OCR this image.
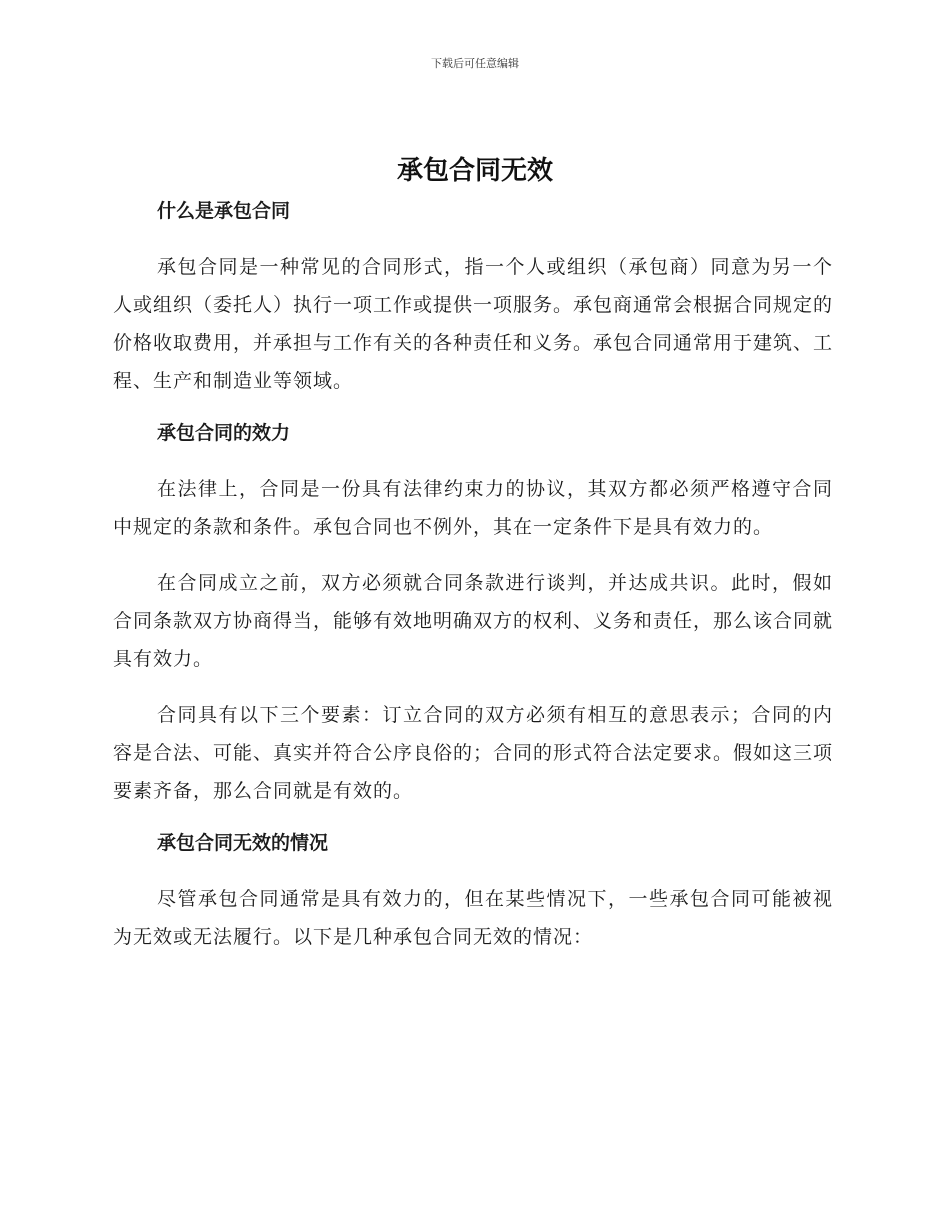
下载后可任意编辑
承包合同无效
什么是承包合同

承包合同是一种常见的合同形式，指一个人或组织（承包商）同意为另一个人或组织（委托人）执行一项工作或提供一项服务。承包商通常会根据合同规定的价格收取费用，并承担与工作有关的各种责任和义务。承包合同通常用于建筑、工程、生产和制造业等领域。

承包合同的效力

在法律上，合同是一份具有法律约束力的协议，其双方都必须严格遵守合同中规定的条款和条件。承包合同也不例外，其在一定条件下是具有效力的。

在合同成立之前，双方必须就合同条款进行谈判，并达成共识。此时，假如合同条款双方协商得当，能够有效地明确双方的权利、义务和责任，那么该合同就具有效力。

合同具有以下三个要素：订立合同的双方必须有相互的意思表示；合同的内容是合法、可能、真实并符合公序良俗的；合同的形式符合法定要求。假如这三项要素齐备，那么合同就是有效的。

承包合同无效的情况

尽管承包合同通常是具有效力的，但在某些情况下，一些承包合同可能被视为无效或无法履行。以下是几种承包合同无效的情况：
